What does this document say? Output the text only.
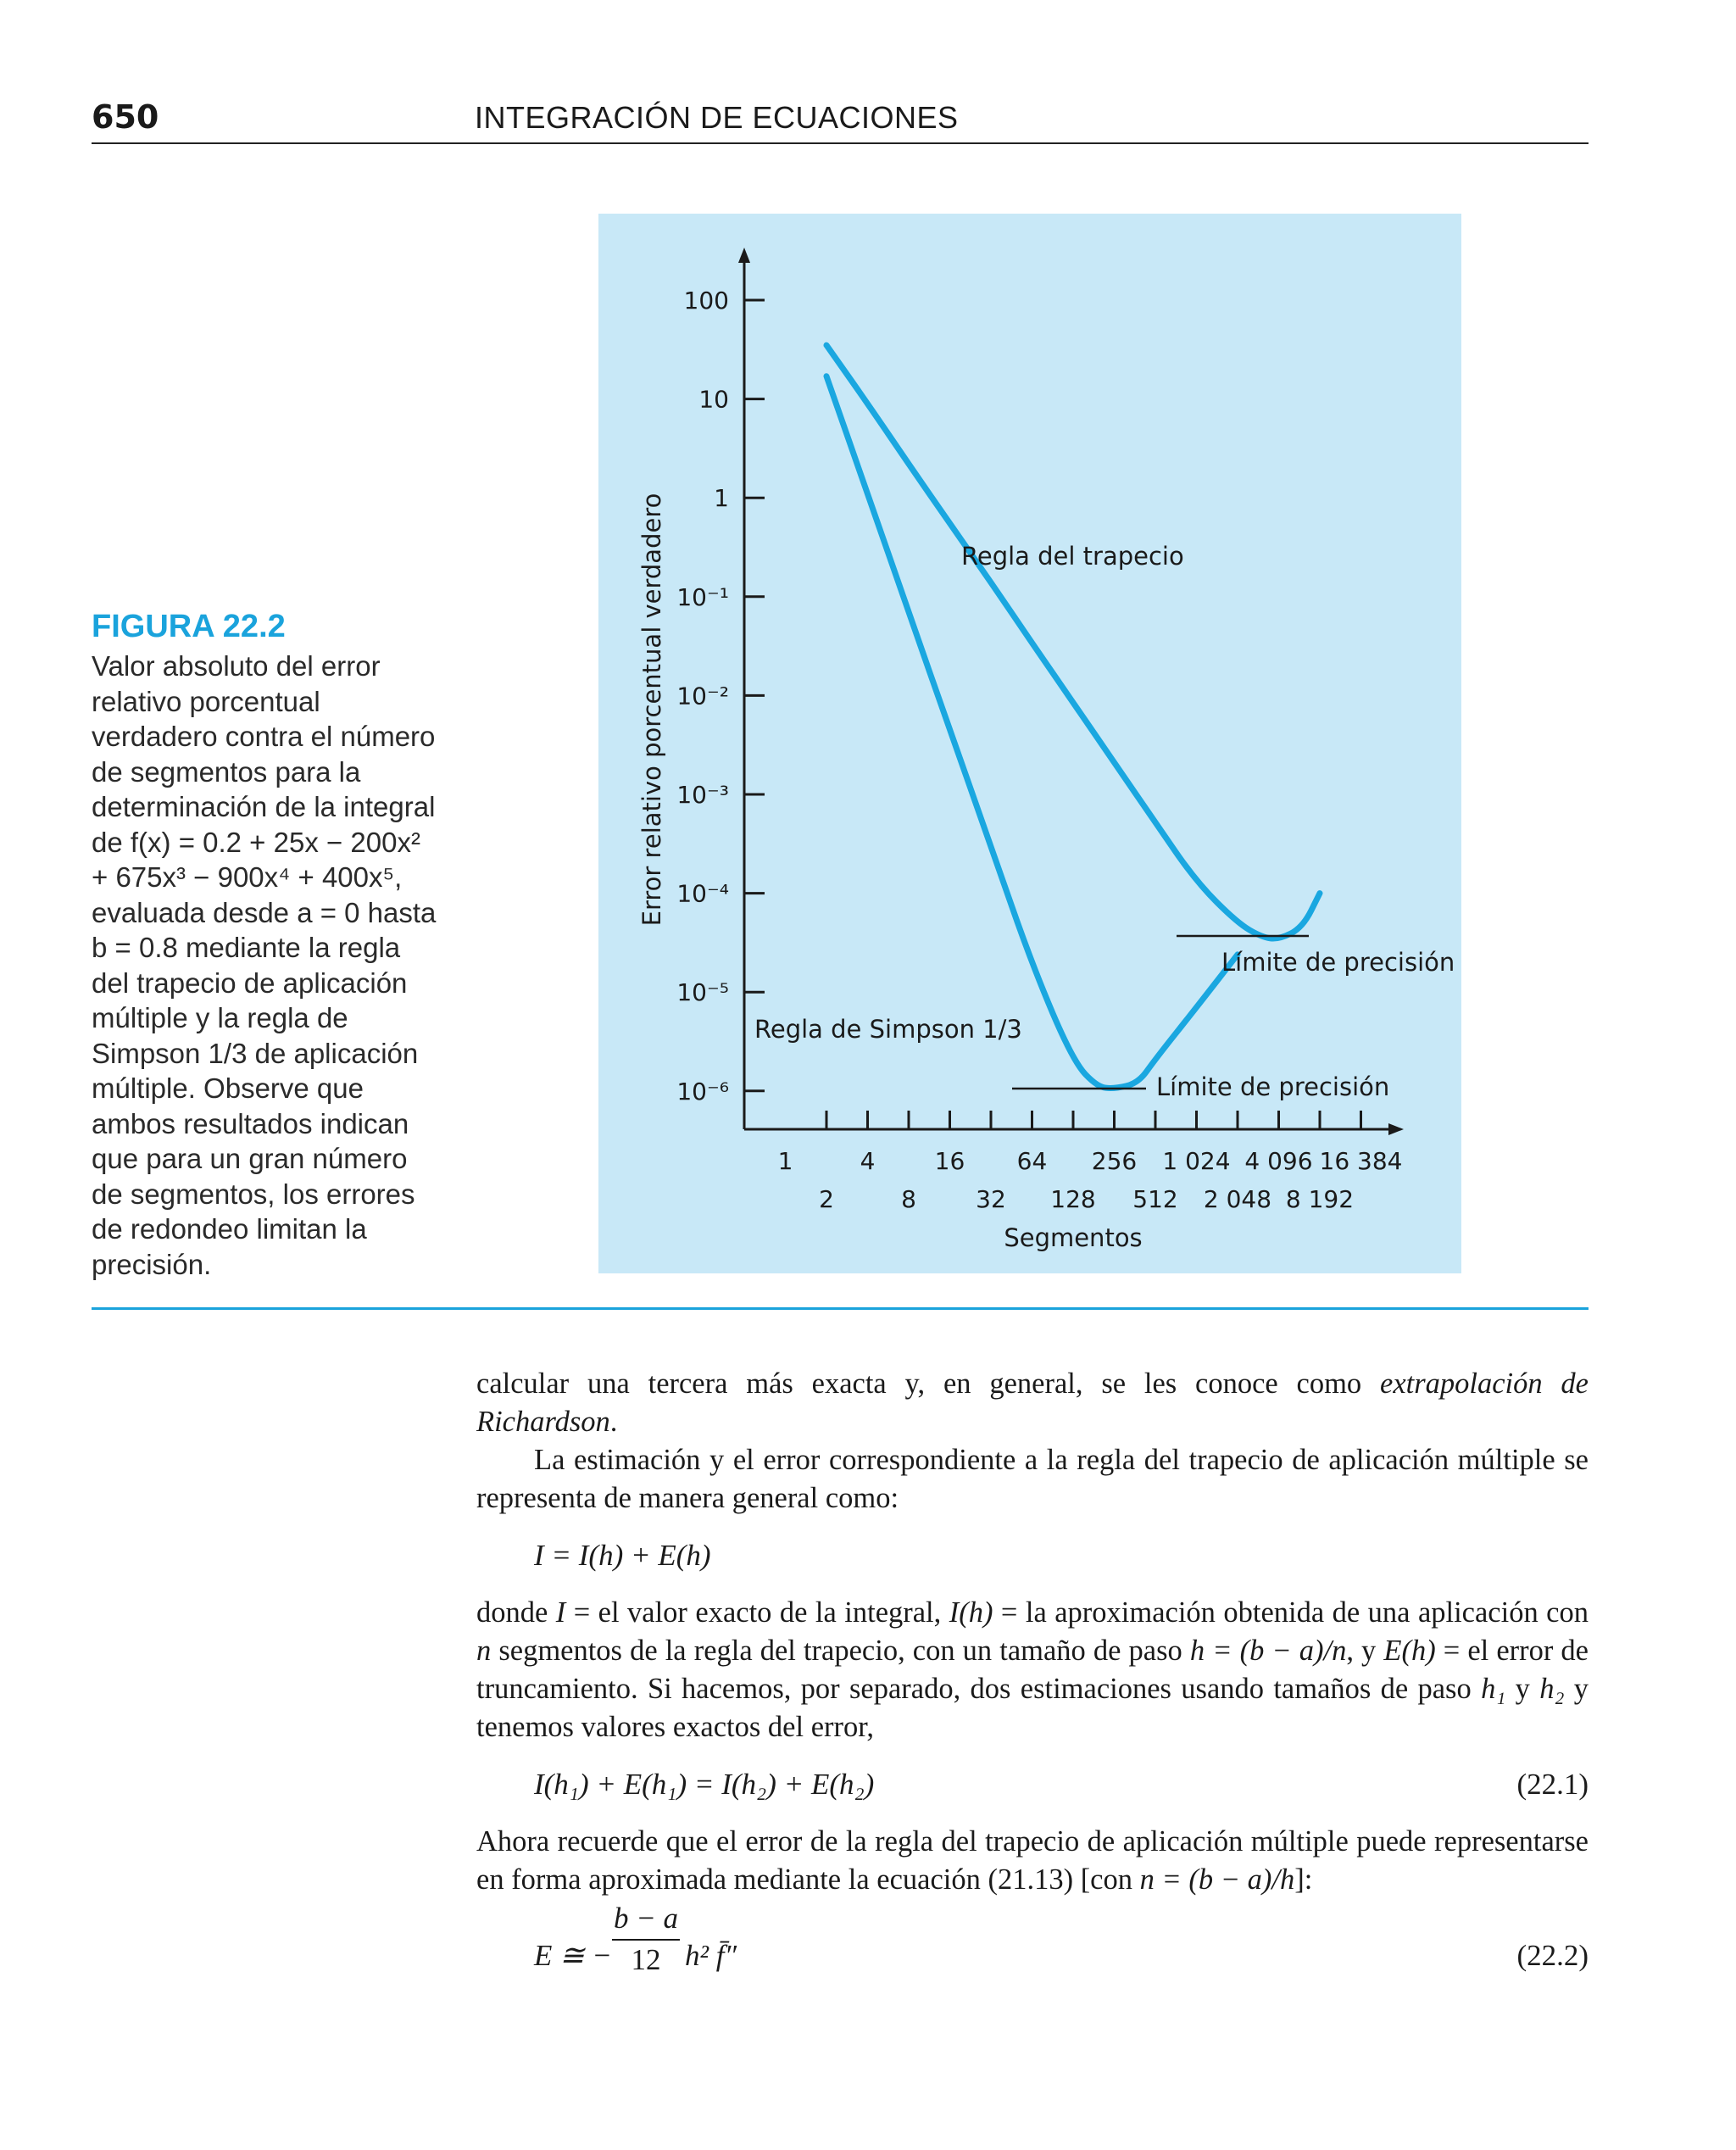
650	INTEGRACIÓN DE ECUACIONES
FIGURA 22.2
Valor absoluto del error
relativo porcentual
verdadero contra el número
de segmentos para la
determinación de la integral
de f(x) = 0.2 + 25x − 200x²
+ 675x³ − 900x⁴ + 400x⁵,
evaluada desde a = 0 hasta
b = 0.8 mediante la regla
del trapecio de aplicación
múltiple y la regla de
Simpson 1/3 de aplicación
múltiple. Observe que
ambos resultados indican
que para un gran número
de segmentos, los errores
de redondeo limitan la
precisión.
100
10
1
10⁻¹
10⁻²
10⁻³
10⁻⁴
10⁻⁵
10⁻⁶
1	4	16 64 256 1 024 4 096 16 384
2	8	32 128 512 2 048 8 192
Segmentos
Error relativo porcentual verdadero	Regla del trapecio
Regla de Simpson 1/3
Límite de precisión
Límite de precisión

calcular una tercera más exacta y, en general, se les conoce como extrapolación de Richardson.

La estimación y el error correspondiente a la regla del trapecio de aplicación múltiple se representa de manera general como:

I = I(h) + E(h)

donde I = el valor exacto de la integral, I(h) = la aproximación obtenida de una aplicación con n segmentos de la regla del trapecio, con un tamaño de paso h = (b − a)/n, y E(h) = el error de truncamiento. Si hacemos, por separado, dos estimaciones usando tamaños de paso h₁ y h₂ y tenemos valores exactos del error,

I(h₁) + E(h₁) = I(h₂) + E(h₂)	(22.1)

Ahora recuerde que el error de la regla del trapecio de aplicación múltiple puede representarse en forma aproximada mediante la ecuación (21.13) [con n = (b − a)/h]:

E ≅ − $\frac{b - a}{12} h^2$ f̄″	(22.2)
